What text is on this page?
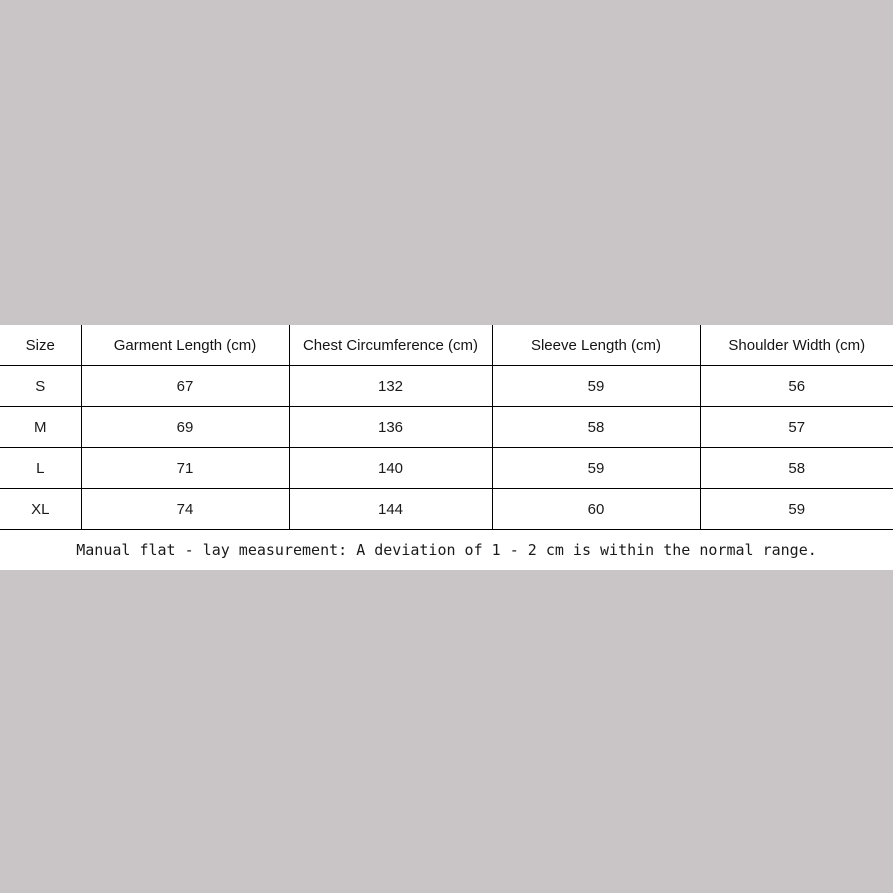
Size	Garment Length (cm)	Chest Circumference (cm)	Sleeve Length (cm)	Shoulder Width (cm)
S	67	132	59	56
M	69	136	58	57
L	71	140	59	58
XL	74	144	60	59
Manual flat - lay measurement: A deviation of 1 - 2 cm is within the normal range.				
